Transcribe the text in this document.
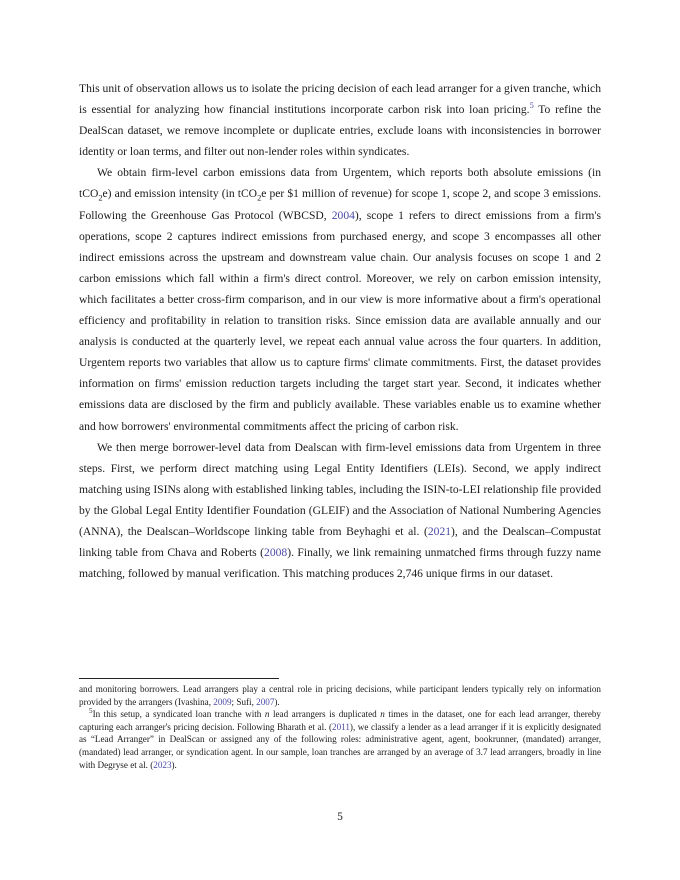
This unit of observation allows us to isolate the pricing decision of each lead arranger for a given tranche, which is essential for analyzing how financial institutions incorporate carbon risk into loan pricing.$^5$ To refine the DealScan dataset, we remove incomplete or duplicate entries, exclude loans with inconsistencies in borrower identity or loan terms, and filter out non-lender roles within syndicates.

We obtain firm-level carbon emissions data from Urgentem, which reports both absolute emissions (in tCO$_2$e) and emission intensity (in tCO$_2$e per $1 million of revenue) for scope 1, scope 2, and scope 3 emissions. Following the Greenhouse Gas Protocol (WBCSD, 2004), scope 1 refers to direct emissions from a firm's operations, scope 2 captures indirect emissions from purchased energy, and scope 3 encompasses all other indirect emissions across the upstream and downstream value chain. Our analysis focuses on scope 1 and 2 carbon emissions which fall within a firm's direct control. Moreover, we rely on carbon emission intensity, which facilitates a better cross-firm comparison, and in our view is more informative about a firm's operational efficiency and profitability in relation to transition risks. Since emission data are available annually and our analysis is conducted at the quarterly level, we repeat each annual value across the four quarters. In addition, Urgentem reports two variables that allow us to capture firms' climate commitments. First, the dataset provides information on firms' emission reduction targets including the target start year. Second, it indicates whether emissions data are disclosed by the firm and publicly available. These variables enable us to examine whether and how borrowers' environmental commitments affect the pricing of carbon risk.

We then merge borrower-level data from Dealscan with firm-level emissions data from Urgentem in three steps. First, we perform direct matching using Legal Entity Identifiers (LEIs). Second, we apply indirect matching using ISINs along with established linking tables, including the ISIN-to-LEI relationship file provided by the Global Legal Entity Identifier Foundation (GLEIF) and the Association of National Numbering Agencies (ANNA), the Dealscan–Worldscope linking table from Beyhaghi et al. (2021), and the Dealscan–Compustat linking table from Chava and Roberts (2008). Finally, we link remaining unmatched firms through fuzzy name matching, followed by manual verification. This matching produces 2,746 unique firms in our dataset.

and monitoring borrowers. Lead arrangers play a central role in pricing decisions, while participant lenders typically rely on information provided by the arrangers (Ivashina, 2009; Sufi, 2007).

$^5$In this setup, a syndicated loan tranche with n lead arrangers is duplicated n times in the dataset, one for each lead arranger, thereby capturing each arranger's pricing decision. Following Bharath et al. (2011), we classify a lender as a lead arranger if it is explicitly designated as “Lead Arranger” in DealScan or assigned any of the following roles: administrative agent, agent, bookrunner, (mandated) arranger, (mandated) lead arranger, or syndication agent. In our sample, loan tranches are arranged by an average of 3.7 lead arrangers, broadly in line with Degryse et al. (2023).

5
